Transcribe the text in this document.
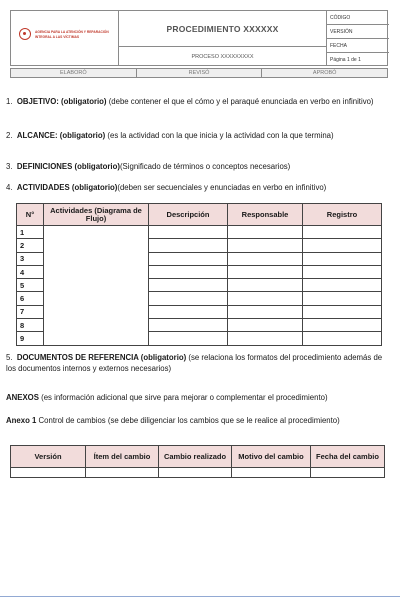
AGENCIA PARA LA ATENCIÓN Y REPARACIÓN INTEGRAL A LAS VÍCTIMAS
PROCEDIMIENTO XXXXXX
PROCESO XXXXXXXXX
CÓDIGO
VERSIÓN
FECHA
Página 1 de 1
ELABORÓ	REVISÓ	APROBÓ
1. OBJETIVO: (obligatorio) (debe contener el que el cómo y el paraqué enunciada en verbo en infinitivo)
2. ALCANCE: (obligatorio) (es la actividad con la que inicia y la actividad con la que termina)
3. DEFINICIONES (obligatorio)(Significado de términos o conceptos necesarios)
4. ACTIVIDADES (obligatorio)(deben ser secuenciales y enunciadas en verbo en infinitivo)
N°	Actividades (Diagrama de Flujo)	Descripción	Responsable	Registro
1				
2				
3				
4				
5				
6				
7				
8				
9				
5. DOCUMENTOS DE REFERENCIA (obligatorio) (se relaciona los formatos del procedimiento además de los documentos internos y externos necesarios)
ANEXOS (es información adicional que sirve para mejorar o complementar el procedimiento)
Anexo 1 Control de cambios (se debe diligenciar los cambios que se le realice al procedimiento)
Versión	Ítem del cambio	Cambio realizado	Motivo del cambio	Fecha del cambio
